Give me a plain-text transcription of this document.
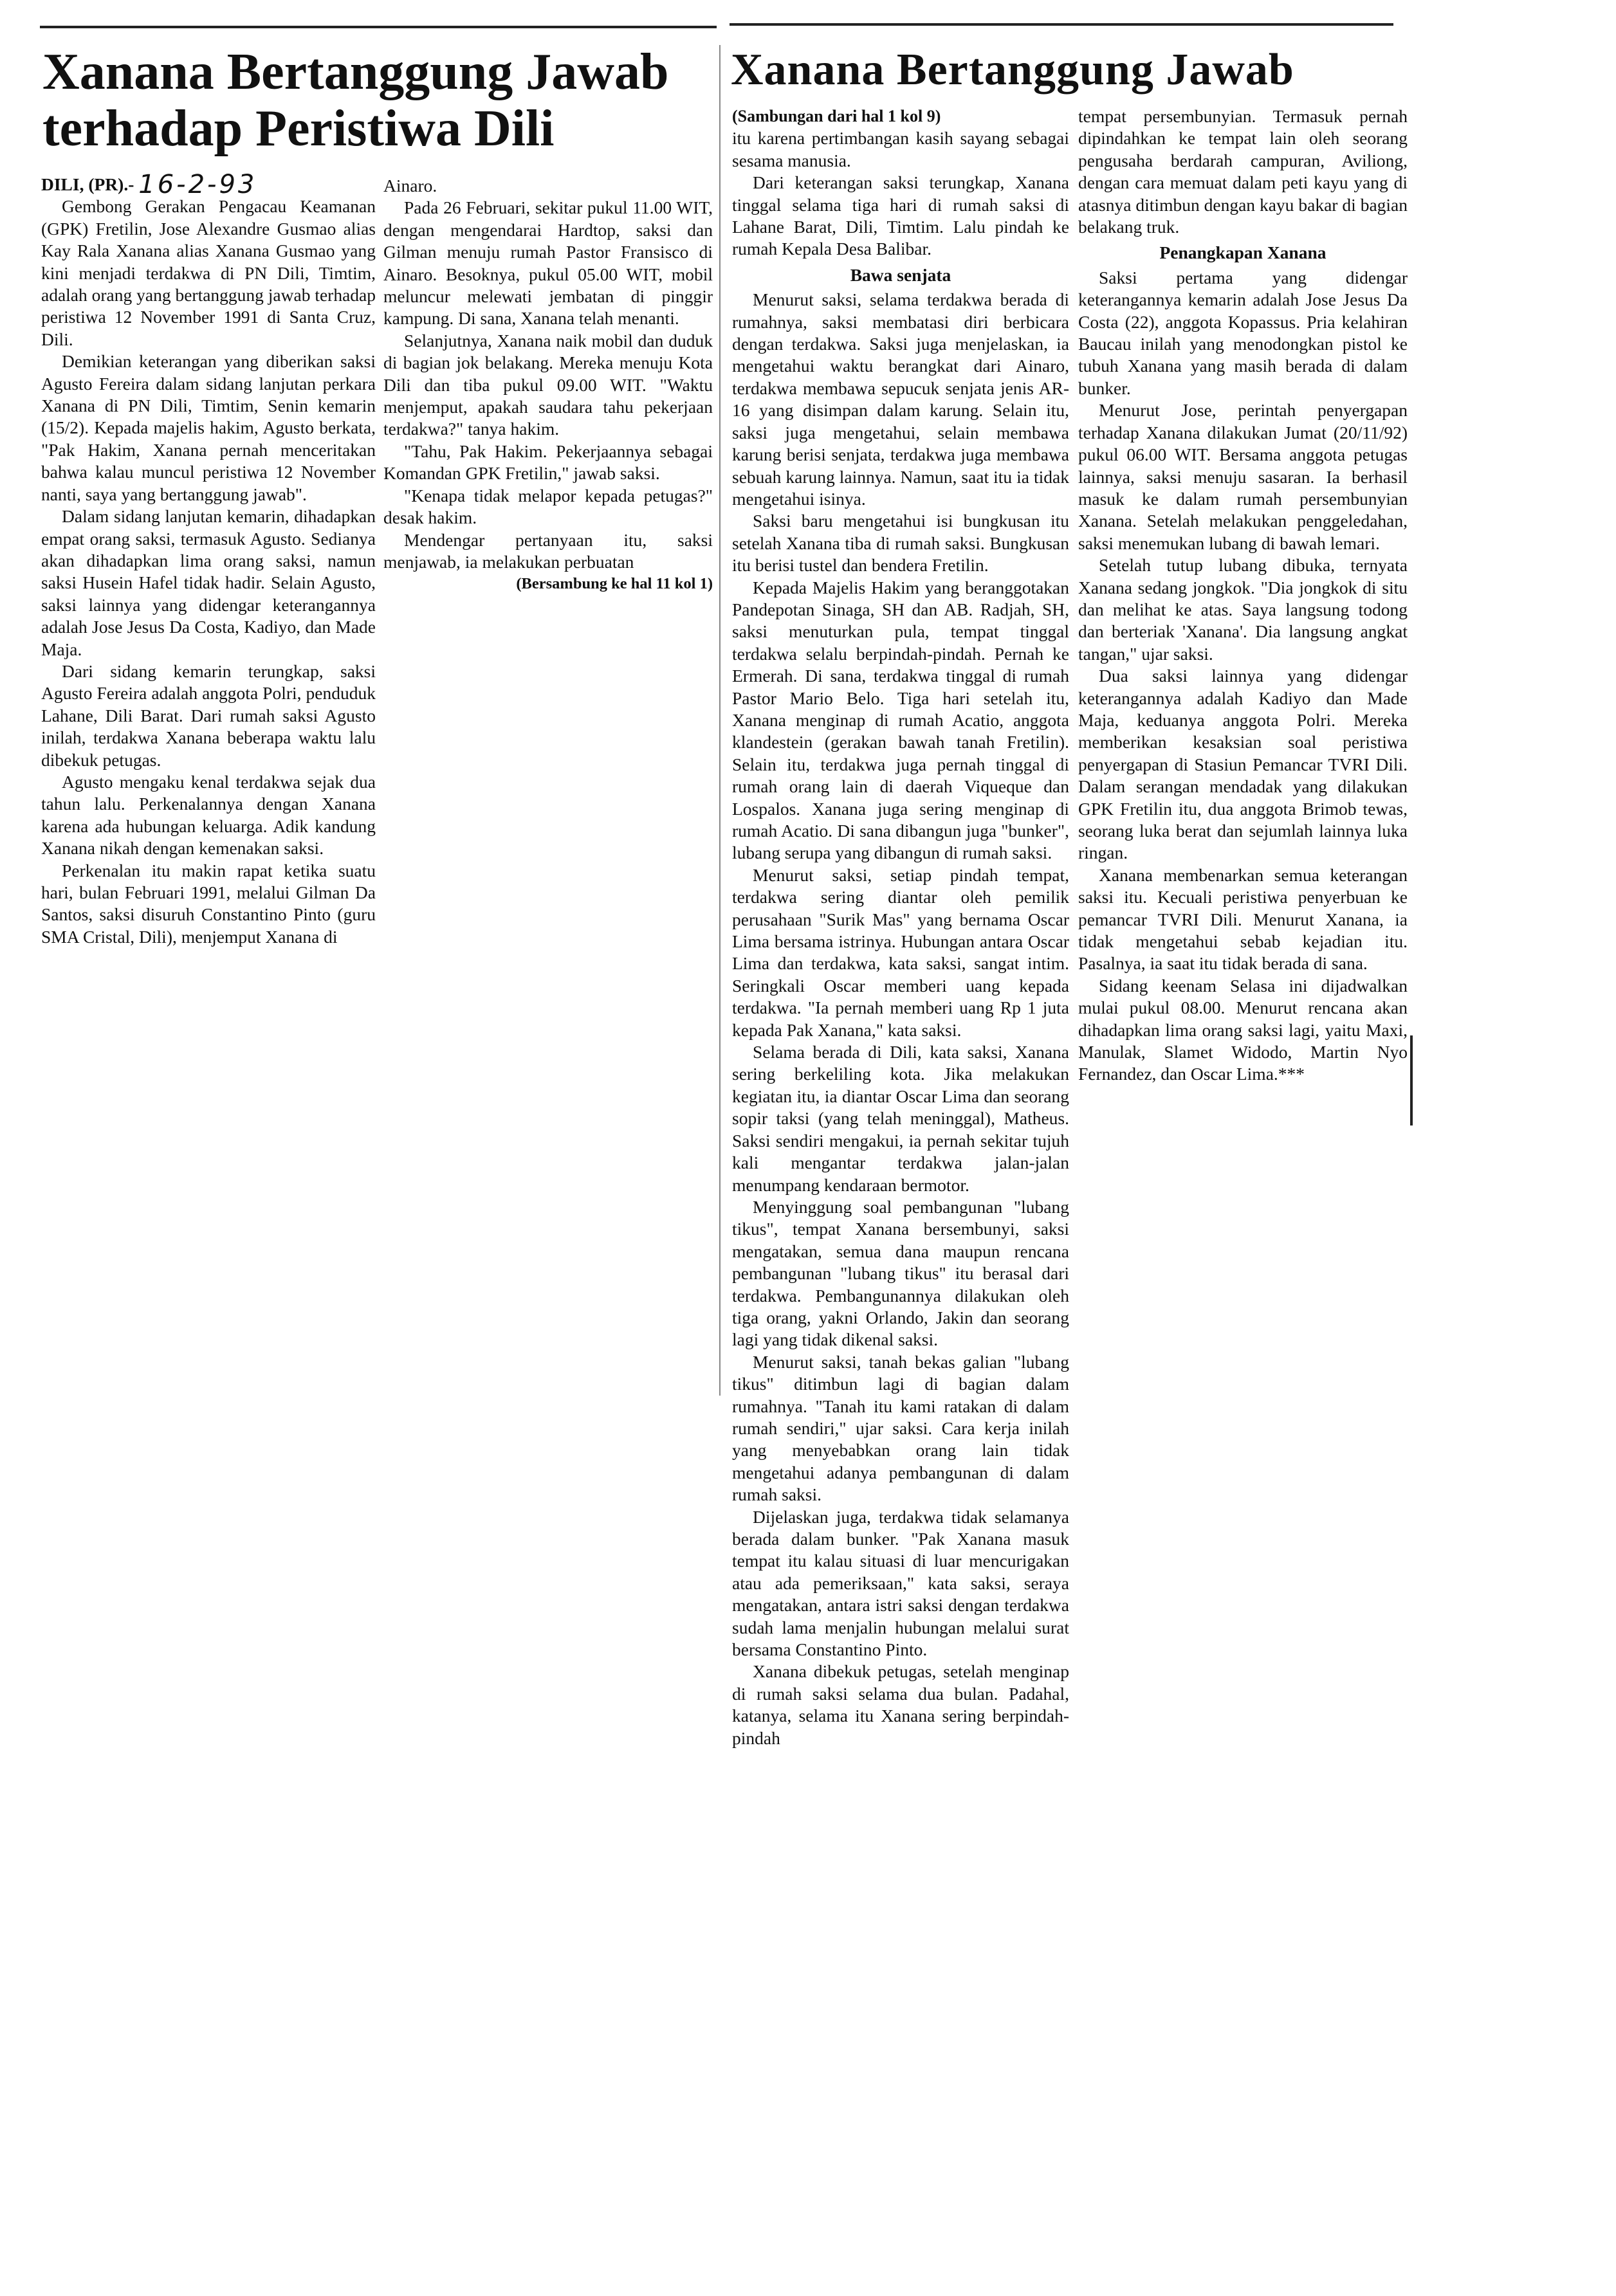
Xanana Bertanggung Jawab
terhadap Peristiwa Dili

DILI, (PR).- 16-2-93

Gembong Gerakan Pengacau Keamanan (GPK) Fretilin, Jose Alexandre Gusmao alias Kay Rala Xanana alias Xanana Gusmao yang kini menjadi terdakwa di PN Dili, Timtim, adalah orang yang bertanggung jawab terhadap peristiwa 12 November 1991 di Santa Cruz, Dili.

Demikian keterangan yang diberikan saksi Agusto Fereira dalam sidang lanjutan perkara Xanana di PN Dili, Timtim, Senin kemarin (15/2). Kepada majelis hakim, Agusto berkata, "Pak Hakim, Xanana pernah menceritakan bahwa kalau muncul peristiwa 12 November nanti, saya yang bertanggung jawab".

Dalam sidang lanjutan kemarin, dihadapkan empat orang saksi, termasuk Agusto. Sedianya akan dihadapkan lima orang saksi, namun saksi Husein Hafel tidak hadir. Selain Agusto, saksi lainnya yang didengar keterangannya adalah Jose Jesus Da Costa, Kadiyo, dan Made Maja.

Dari sidang kemarin terungkap, saksi Agusto Fereira adalah anggota Polri, penduduk Lahane, Dili Barat. Dari rumah saksi Agusto inilah, terdakwa Xanana beberapa waktu lalu dibekuk petugas.

Agusto mengaku kenal terdakwa sejak dua tahun lalu. Perkenalannya dengan Xanana karena ada hubungan keluarga. Adik kandung Xanana nikah dengan kemenakan saksi.

Perkenalan itu makin rapat ketika suatu hari, bulan Februari 1991, melalui Gilman Da Santos, saksi disuruh Constantino Pinto (guru SMA Cristal, Dili), menjemput Xanana di

Ainaro.

Pada 26 Februari, sekitar pukul 11.00 WIT, dengan mengendarai Hardtop, saksi dan Gilman menuju rumah Pastor Fransisco di Ainaro. Besoknya, pukul 05.00 WIT, mobil meluncur melewati jembatan di pinggir kampung. Di sana, Xanana telah menanti.

Selanjutnya, Xanana naik mobil dan duduk di bagian jok belakang. Mereka menuju Kota Dili dan tiba pukul 09.00 WIT. "Waktu menjemput, apakah saudara tahu pekerjaan terdakwa?" tanya hakim.

"Tahu, Pak Hakim. Pekerjaannya sebagai Komandan GPK Fretilin," jawab saksi.

"Kenapa tidak melapor kepada petugas?" desak hakim.

Mendengar pertanyaan itu, saksi menjawab, ia melakukan perbuatan

(Bersambung ke hal 11 kol 1)

Xanana Bertanggung Jawab

(Sambungan dari hal 1 kol 9)

itu karena pertimbangan kasih sayang sebagai sesama manusia.

Dari keterangan saksi terungkap, Xanana tinggal selama tiga hari di rumah saksi di Lahane Barat, Dili, Timtim. Lalu pindah ke rumah Kepala Desa Balibar.

Bawa senjata

Menurut saksi, selama terdakwa berada di rumahnya, saksi membatasi diri berbicara dengan terdakwa. Saksi juga menjelaskan, ia mengetahui waktu berangkat dari Ainaro, terdakwa membawa sepucuk senjata jenis AR-16 yang disimpan dalam karung. Selain itu, saksi juga mengetahui, selain membawa karung berisi senjata, terdakwa juga membawa sebuah karung lainnya. Namun, saat itu ia tidak mengetahui isinya.

Saksi baru mengetahui isi bungkusan itu setelah Xanana tiba di rumah saksi. Bungkusan itu berisi tustel dan bendera Fretilin.

Kepada Majelis Hakim yang beranggotakan Pandepotan Sinaga, SH dan AB. Radjah, SH, saksi menuturkan pula, tempat tinggal terdakwa selalu berpindah-pindah. Pernah ke Ermerah. Di sana, terdakwa tinggal di rumah Pastor Mario Belo. Tiga hari setelah itu, Xanana menginap di rumah Acatio, anggota klandestein (gerakan bawah tanah Fretilin). Selain itu, terdakwa juga pernah tinggal di rumah orang lain di daerah Viqueque dan Lospalos. Xanana juga sering menginap di rumah Acatio. Di sana dibangun juga "bunker", lubang serupa yang dibangun di rumah saksi.

Menurut saksi, setiap pindah tempat, terdakwa sering diantar oleh pemilik perusahaan "Surik Mas" yang bernama Oscar Lima bersama istrinya. Hubungan antara Oscar Lima dan terdakwa, kata saksi, sangat intim. Seringkali Oscar memberi uang kepada terdakwa. "Ia pernah memberi uang Rp 1 juta kepada Pak Xanana," kata saksi.

Selama berada di Dili, kata saksi, Xanana sering berkeliling kota. Jika melakukan kegiatan itu, ia diantar Oscar Lima dan seorang sopir taksi (yang telah meninggal), Matheus. Saksi sendiri mengakui, ia pernah sekitar tujuh kali mengantar terdakwa jalan-jalan menumpang kendaraan bermotor.

Menyinggung soal pembangunan "lubang tikus", tempat Xanana bersembunyi, saksi mengatakan, semua dana maupun rencana pembangunan "lubang tikus" itu berasal dari terdakwa. Pembangunannya dilakukan oleh tiga orang, yakni Orlando, Jakin dan seorang lagi yang tidak dikenal saksi.

Menurut saksi, tanah bekas galian "lubang tikus" ditimbun lagi di bagian dalam rumahnya. "Tanah itu kami ratakan di dalam rumah sendiri," ujar saksi. Cara kerja inilah yang menyebabkan orang lain tidak mengetahui adanya pembangunan di dalam rumah saksi.

Dijelaskan juga, terdakwa tidak selamanya berada dalam bunker. "Pak Xanana masuk tempat itu kalau situasi di luar mencurigakan atau ada pemeriksaan," kata saksi, seraya mengatakan, antara istri saksi dengan terdakwa sudah lama menjalin hubungan melalui surat bersama Constantino Pinto.

Xanana dibekuk petugas, setelah menginap di rumah saksi selama dua bulan. Padahal, katanya, selama itu Xanana sering berpindah-pindah

tempat persembunyian. Termasuk pernah dipindahkan ke tempat lain oleh seorang pengusaha berdarah campuran, Aviliong, dengan cara memuat dalam peti kayu yang di atasnya ditimbun dengan kayu bakar di bagian belakang truk.

Penangkapan Xanana

Saksi pertama yang didengar keterangannya kemarin adalah Jose Jesus Da Costa (22), anggota Kopassus. Pria kelahiran Baucau inilah yang menodongkan pistol ke tubuh Xanana yang masih berada di dalam bunker.

Menurut Jose, perintah penyergapan terhadap Xanana dilakukan Jumat (20/11/92) pukul 06.00 WIT. Bersama anggota petugas lainnya, saksi menuju sasaran. Ia berhasil masuk ke dalam rumah persembunyian Xanana. Setelah melakukan penggeledahan, saksi menemukan lubang di bawah lemari.

Setelah tutup lubang dibuka, ternyata Xanana sedang jongkok. "Dia jongkok di situ dan melihat ke atas. Saya langsung todong dan berteriak 'Xanana'. Dia langsung angkat tangan," ujar saksi.

Dua saksi lainnya yang didengar keterangannya adalah Kadiyo dan Made Maja, keduanya anggota Polri. Mereka memberikan kesaksian soal peristiwa penyergapan di Stasiun Pemancar TVRI Dili. Dalam serangan mendadak yang dilakukan GPK Fretilin itu, dua anggota Brimob tewas, seorang luka berat dan sejumlah lainnya luka ringan.

Xanana membenarkan semua keterangan saksi itu. Kecuali peristiwa penyerbuan ke pemancar TVRI Dili. Menurut Xanana, ia tidak mengetahui sebab kejadian itu. Pasalnya, ia saat itu tidak berada di sana.

Sidang keenam Selasa ini dijadwalkan mulai pukul 08.00. Menurut rencana akan dihadapkan lima orang saksi lagi, yaitu Maxi, Manulak, Slamet Widodo, Martin Nyo Fernandez, dan Oscar Lima.***
